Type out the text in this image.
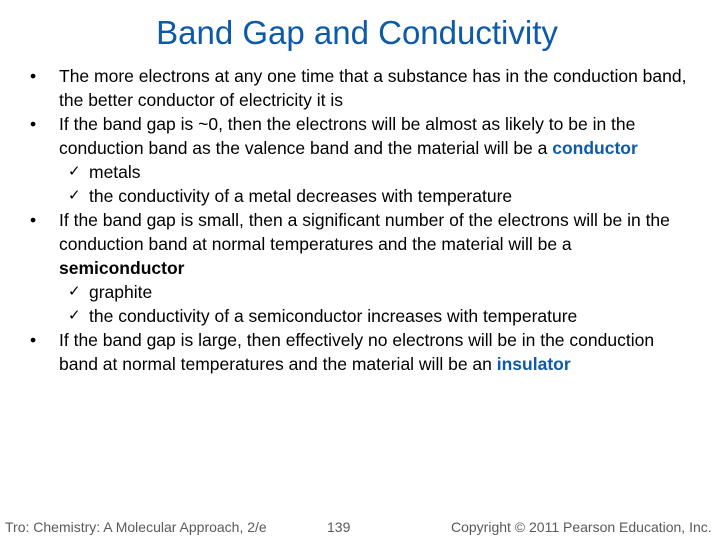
Band Gap and Conductivity
•	The more electrons at any one time that a substance has in the conduction band, the better conductor of electricity it is
•	If the band gap is ~0, then the electrons will be almost as likely to be in the conduction band as the valence band and the material will be a conductor
✓ metals
✓ the conductivity of a metal decreases with temperature
•	If the band gap is small, then a significant number of the electrons will be in the conduction band at normal temperatures and the material will be a semiconductor
✓ graphite
✓ the conductivity of a semiconductor increases with temperature
•	If the band gap is large, then effectively no electrons will be in the conduction band at normal temperatures and the material will be an insulator
Tro: Chemistry: A Molecular Approach, 2/e	139	Copyright © 2011 Pearson Education, Inc.
